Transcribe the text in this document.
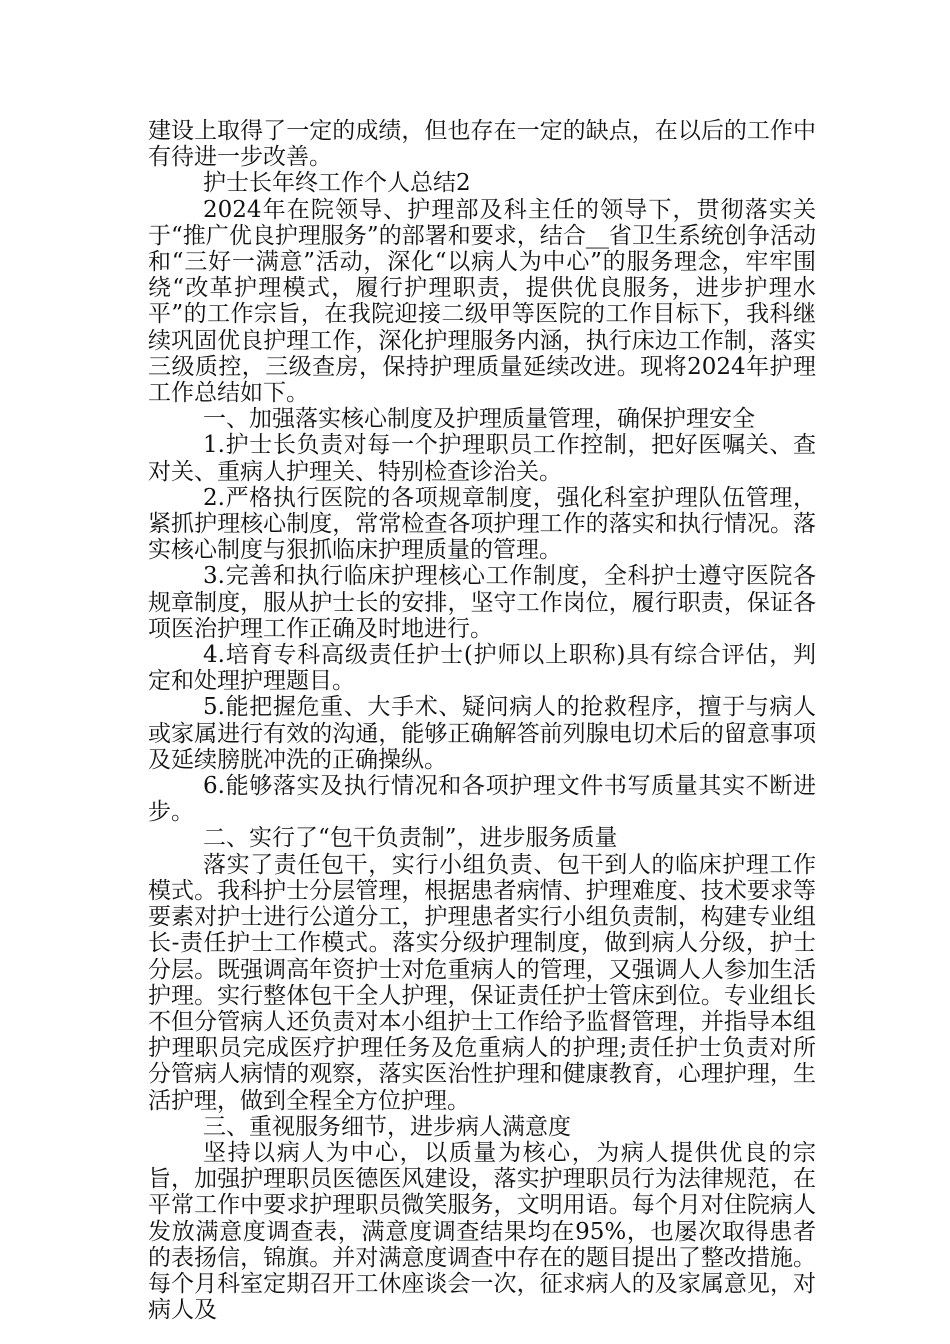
建设上取得了一定的成绩，但也存在一定的缺点，在以后的工作中有待进一步改善。

护士长年终工作个人总结2

2024年在院领导、护理部及科主任的领导下，贯彻落实关于“推广优良护理服务”的部署和要求，结合__省卫生系统创争活动和“三好一满意”活动，深化“以病人为中心”的服务理念，牢牢围绕“改革护理模式，履行护理职责，提供优良服务，进步护理水平”的工作宗旨，在我院迎接二级甲等医院的工作目标下，我科继续巩固优良护理工作，深化护理服务内涵，执行床边工作制，落实三级质控，三级查房，保持护理质量延续改进。现将2024年护理工作总结如下。

一、加强落实核心制度及护理质量管理，确保护理安全

1.护士长负责对每一个护理职员工作控制，把好医嘱关、查对关、重病人护理关、特别检查诊治关。

2.严格执行医院的各项规章制度，强化科室护理队伍管理，紧抓护理核心制度，常常检查各项护理工作的落实和执行情况。落实核心制度与狠抓临床护理质量的管理。

3.完善和执行临床护理核心工作制度，全科护士遵守医院各规章制度，服从护士长的安排，坚守工作岗位，履行职责，保证各项医治护理工作正确及时地进行。

4.培育专科高级责任护士(护师以上职称)具有综合评估，判定和处理护理题目。

5.能把握危重、大手术、疑问病人的抢救程序，擅于与病人或家属进行有效的沟通，能够正确解答前列腺电切术后的留意事项及延续膀胱冲洗的正确操纵。

6.能够落实及执行情况和各项护理文件书写质量其实不断进步。

二、实行了“包干负责制”，进步服务质量

落实了责任包干，实行小组负责、包干到人的临床护理工作模式。我科护士分层管理，根据患者病情、护理难度、技术要求等要素对护士进行公道分工，护理患者实行小组负责制，构建专业组长-责任护士工作模式。落实分级护理制度，做到病人分级，护士分层。既强调高年资护士对危重病人的管理，又强调人人参加生活护理。实行整体包干全人护理，保证责任护士管床到位。专业组长不但分管病人还负责对本小组护士工作给予监督管理，并指导本组护理职员完成医疗护理任务及危重病人的护理;责任护士负责对所分管病人病情的观察，落实医治性护理和健康教育，心理护理，生活护理，做到全程全方位护理。

三、重视服务细节，进步病人满意度

坚持以病人为中心，以质量为核心，为病人提供优良的宗旨，加强护理职员医德医风建设，落实护理职员行为法律规范，在平常工作中要求护理职员微笑服务，文明用语。每个月对住院病人发放满意度调查表，满意度调查结果均在95%，也屡次取得患者的表扬信，锦旗。并对满意度调查中存在的题目提出了整改措施。每个月科室定期召开工休座谈会一次，征求病人的及家属意见，对病人及
